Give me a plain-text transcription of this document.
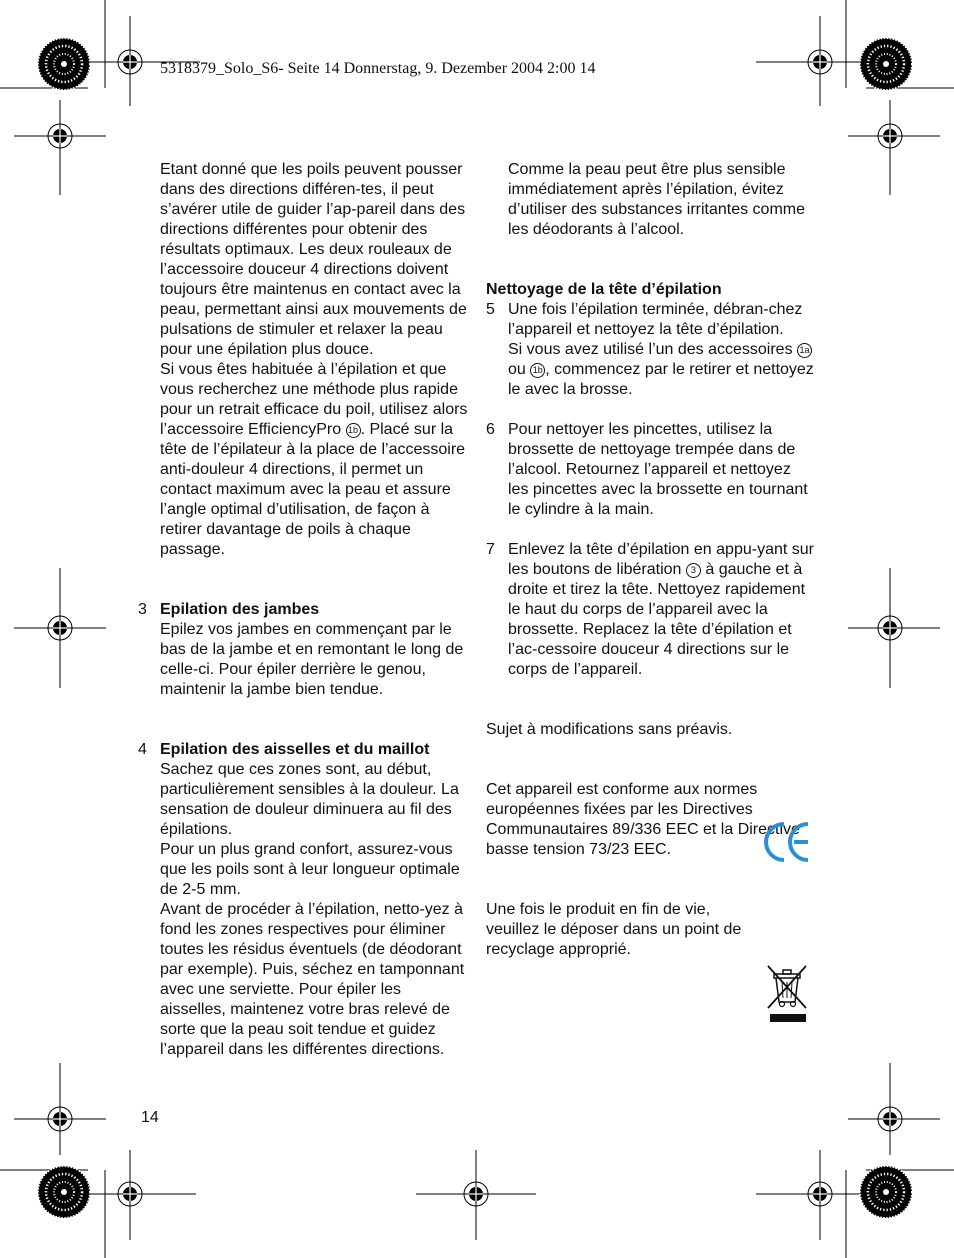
5318379_Solo_S6- Seite 14 Donnerstag, 9. Dezember 2004 2:00 14

Etant donné que les poils peuvent pousser dans des directions différen-tes, il peut s’avérer utile de guider l’ap-pareil dans des directions différentes pour obtenir des résultats optimaux. Les deux rouleaux de l’accessoire douceur 4 directions doivent toujours être maintenus en contact avec la peau, permettant ainsi aux mouvements de pulsations de stimuler et relaxer la peau pour une épilation plus douce.

Si vous êtes habituée à l’épilation et que vous recherchez une méthode plus rapide pour un retrait efficace du poil, utilisez alors l’accessoire EfficiencyPro 1b . Placé sur la tête de l’épilateur à la place de l’accessoire anti-douleur 4 directions, il permet un contact maximum avec la peau et assure l’angle optimal d’utilisation, de façon à retirer davantage de poils à chaque passage.

3 Epilation des jambes

Epilez vos jambes en commençant par le bas de la jambe et en remontant le long de celle-ci. Pour épiler derrière le genou, maintenir la jambe bien tendue.

4 Epilation des aisselles et du maillot

Sachez que ces zones sont, au début, particulièrement sensibles à la douleur. La sensation de douleur diminuera au fil des épilations.

Pour un plus grand confort, assurez-vous que les poils sont à leur longueur optimale de 2-5 mm.

Avant de procéder à l’épilation, netto-yez à fond les zones respectives pour éliminer toutes les résidus éventuels (de déodorant par exemple). Puis, séchez en tamponnant avec une serviette. Pour épiler les aisselles, maintenez votre bras relevé de sorte que la peau soit tendue et guidez l’appareil dans les différentes directions.

Comme la peau peut être plus sensible immédiatement après l’épilation, évitez d’utiliser des substances irritantes comme les déodorants à l’alcool.

Nettoyage de la tête d’épilation

5 Une fois l’épilation terminée, débran-chez l’appareil et nettoyez la tête d’épilation.

Si vous avez utilisé l’un des accessoires 1a ou 1b , commencez par le retirer et nettoyez le avec la brosse.

6 Pour nettoyer les pincettes, utilisez la brossette de nettoyage trempée dans de l’alcool. Retournez l’appareil et nettoyez les pincettes avec la brossette en tournant le cylindre à la main.

7 Enlevez la tête d’épilation en appu-yant sur les boutons de libération 3 à gauche et à droite et tirez la tête. Nettoyez rapidement le haut du corps de l’appareil avec la brossette. Replacez la tête d’épilation et l’ac-cessoire douceur 4 directions sur le corps de l’appareil.

Sujet à modifications sans préavis.

Cet appareil est conforme aux normes européennes fixées par les Directives Communautaires 89/336 EEC et la Directive basse tension 73/23 EEC.

Une fois le produit en fin de vie, veuillez le déposer dans un point de recyclage approprié.

14
